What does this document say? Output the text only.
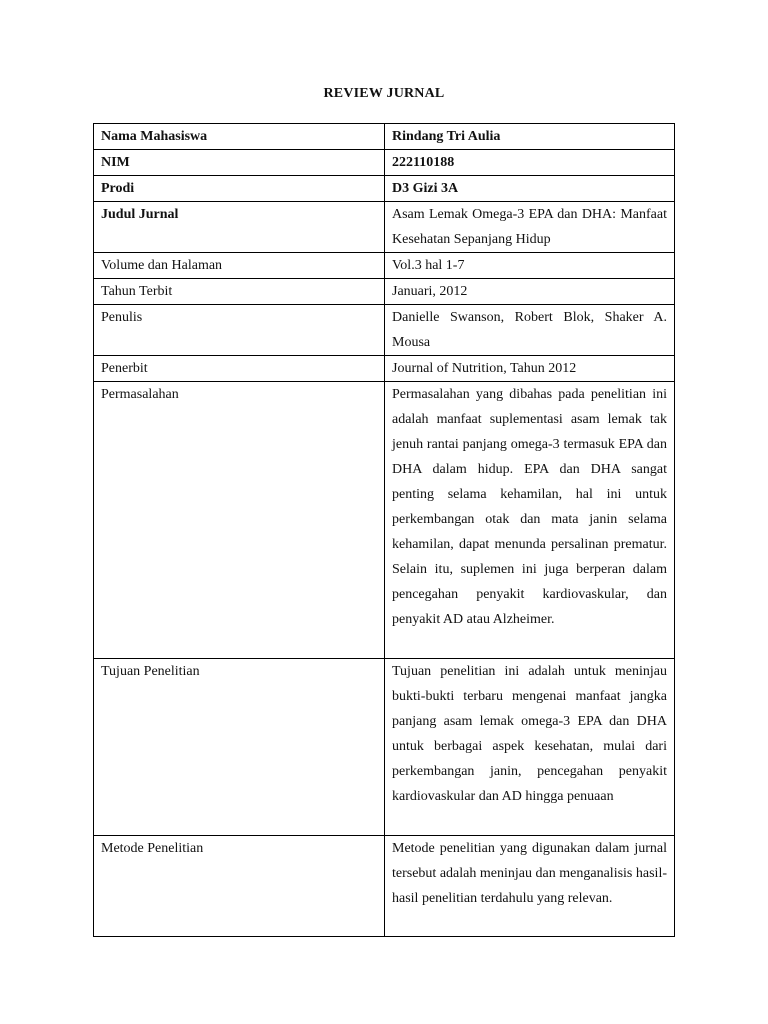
REVIEW JURNAL
Nama Mahasiswa	Rindang Tri Aulia
NIM	222110188
Prodi	D3 Gizi 3A
Judul Jurnal	Asam Lemak Omega-3 EPA dan DHA: Manfaat Kesehatan Sepanjang Hidup
Volume dan Halaman	Vol.3 hal 1-7
Tahun Terbit	Januari, 2012
Penulis	Danielle Swanson, Robert Blok, Shaker A. Mousa
Penerbit	Journal of Nutrition, Tahun 2012
Permasalahan	Permasalahan yang dibahas pada penelitian ini adalah manfaat suplementasi asam lemak tak jenuh rantai panjang omega-3 termasuk EPA dan DHA dalam hidup. EPA dan DHA sangat penting selama kehamilan, hal ini untuk perkembangan otak dan mata janin selama kehamilan, dapat menunda persalinan prematur. Selain itu, suplemen ini juga berperan dalam pencegahan penyakit kardiovaskular, dan penyakit AD atau Alzheimer.
Tujuan Penelitian	Tujuan penelitian ini adalah untuk meninjau bukti-bukti terbaru mengenai manfaat jangka panjang asam lemak omega-3 EPA dan DHA untuk berbagai aspek kesehatan, mulai dari perkembangan janin, pencegahan penyakit kardiovaskular dan AD hingga penuaan
Metode Penelitian	Metode penelitian yang digunakan dalam jurnal tersebut adalah meninjau dan menganalisis hasil-hasil penelitian terdahulu yang relevan.
